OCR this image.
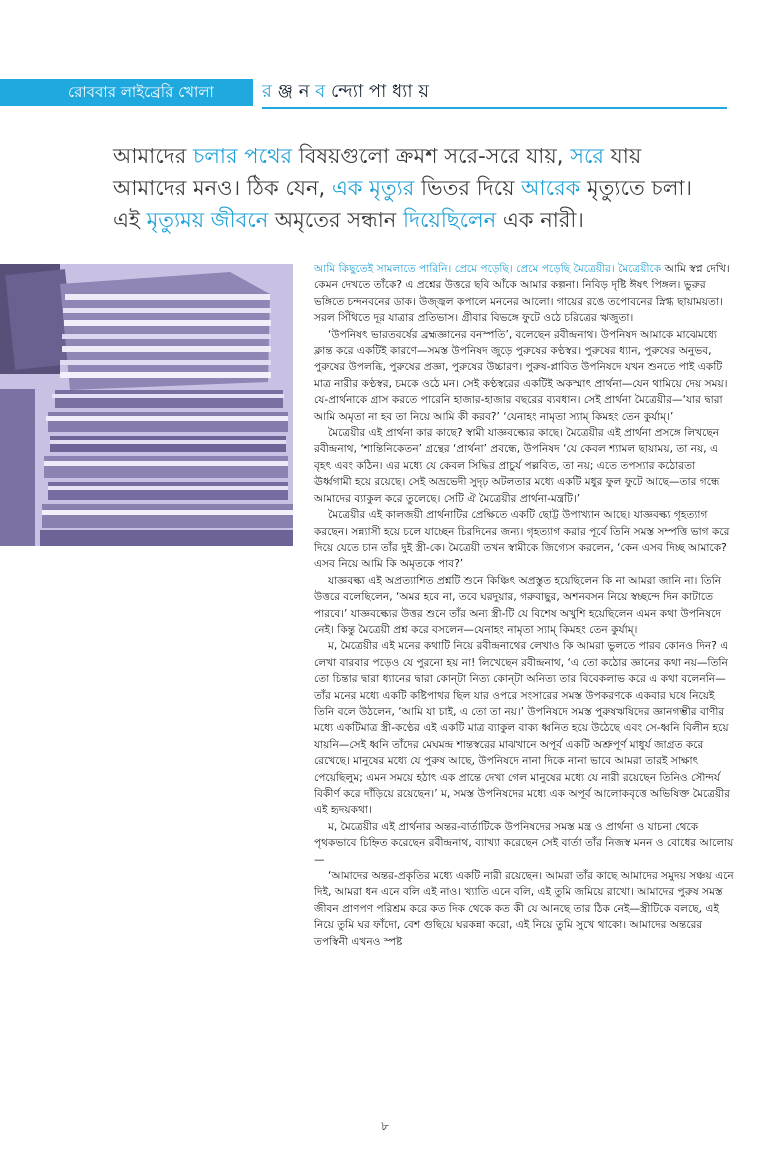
রোববার লাইব্রেরি খোলা	র ঞ্জ ন ব ন্দ্যো পা ধ্যা য়
আমাদের চলার পথের বিষয়গুলো ক্রমশ সরে-সরে যায়, সরে যায় আমাদের মনও। ঠিক যেন, এক মৃত্যুর ভিতর দিয়ে আরেক মৃত্যুতে চলা। এই মৃত্যুময় জীবনে অমৃতের সন্ধান দিয়েছিলেন এক নারী।

আমি কিছুতেই সামলাতে পারিনি। প্রেমে পড়েছি। প্রেমে পড়েছি মৈত্রেয়ীর। মৈত্রেয়ীকে আমি স্বপ্ন দেখি। কেমন দেখতে তাঁকে? এ প্রশ্নের উত্তরে ছবি আঁকে আমার কল্পনা। নিবিড় দৃষ্টি ঈষৎ পিঙ্গল। ভুরুর ভঙ্গিতে চন্দনবনের ডাক। উজ্জ্বল কপালে মননের আলো। গায়ের রঙে তপোবনের স্নিগ্ধ ছায়াময়তা। সরল সিঁথিতে দূর যাত্রার প্রতিভাস। গ্রীবার বিভঙ্গে ফুটে ওঠে চরিত্রের ঋজুতা।

‘উপনিষৎ ভারতবর্ষের ব্রহ্মজ্ঞানের বনস্পতি’, বলেছেন রবীন্দ্রনাথ। উপনিষদ আমাকে মাঝেমধ্যে ক্লান্ত করে একটিই কারণে—সমস্ত উপনিষদ জুড়ে পুরুষের কণ্ঠস্বর। পুরুষের ধ্যান, পুরুষের অনুভব, পুরুষের উপলব্ধি, পুরুষের প্রজ্ঞা, পুরুষের উচ্চারণ। পুরুষ-প্লাবিত উপনিষদে যখন শুনতে পাই একটি মাত্র নারীর কণ্ঠস্বর, চমকে ওঠে মন। সেই কণ্ঠস্বরের একটিই অকস্মাৎ প্রার্থনা—যেন থামিয়ে দেয় সময়। যে-প্রার্থনাকে গ্রাস করতে পারেনি হাজার-হাজার বছরের ব্যবধান। সেই প্রার্থনা মৈত্রেয়ীর—‘যার দ্বারা আমি অমৃতা না হব তা নিয়ে আমি কী করব?’ ‘যেনাহং নামৃতা স্যাম্‌ কিমহং তেন কুর্যাম্‌।’

মৈত্রেয়ীর এই প্রার্থনা কার কাছে? স্বামী যাজ্ঞবল্ক্যের কাছে। মৈত্রেয়ীর এই প্রার্থনা প্রসঙ্গে লিখছেন রবীন্দ্রনাথ, ‘শান্তিনিকেতন’ গ্রন্থের ‘প্রার্থনা’ প্রবন্ধে, উপনিষদ ‘যে কেবল শ্যামল ছায়াময়, তা নয়, এ বৃহৎ এবং কঠিন। এর মধ্যে যে কেবল সিদ্ধির প্রাচুর্য পল্লবিত, তা নয়; এতে তপস্যার কঠোরতা ঊর্ধ্বগামী হয়ে রয়েছে। সেই অভ্রভেদী সুদৃঢ় অটলতার মধ্যে একটি মধুর ফুল ফুটে আছে—তার গন্ধে আমাদের ব্যাকুল করে তুলেছে। সেটি ঐ মৈত্রেয়ীর প্রার্থনা-মন্ত্রটি।’

মৈত্রেয়ীর এই কালজয়ী প্রার্থনাটির প্রেক্ষিতে একটি ছোট্ট উপাখ্যান আছে। যাজ্ঞবল্ক্য গৃহত্যাগ করছেন। সন্ন্যাসী হয়ে চলে যাচ্ছেন চিরদিনের জন্য। গৃহত্যাগ করার পূর্বে তিনি সমস্ত সম্পত্তি ভাগ করে দিয়ে যেতে চান তাঁর দুই স্ত্রী-কে। মৈত্রেয়ী তখন স্বামীকে জিগ্যেস করলেন, ‘কেন এসব দিচ্ছ আমাকে? এসব নিয়ে আমি কি অমৃতকে পাব?’

যাজ্ঞবল্ক্য এই অপ্রত্যাশিত প্রশ্নটি শুনে কিঞ্চিৎ অপ্রস্তুত হয়েছিলেন কি না আমরা জানি না। তিনি উত্তরে বলেছিলেন, ‘অমর হবে না, তবে ঘরদুয়ার, গরুবাছুর, অশনবসন নিয়ে স্বচ্ছন্দে দিন কাটাতে পারবে।’ যাজ্ঞবল্ক্যের উত্তর শুনে তাঁর অন্য স্ত্রী-টি যে বিশেষ অখুশি হয়েছিলেন এমন কথা উপনিষদে নেই। কিন্তু মৈত্রেয়ী প্রশ্ন করে বসলেন—যেনাহং নামৃতা স্যাম্‌ কিমহং তেন কুর্যাম্‌।

ম, মৈত্রেয়ীর এই মনের কথাটি নিয়ে রবীন্দ্রনাথের লেখাও কি আমরা ভুলতে পারব কোনও দিন? এ লেখা বারবার পড়েও যে পুরনো হয় না! লিখেছেন রবীন্দ্রনাথ, ‘এ তো কঠোর জ্ঞানের কথা নয়—তিনি তো চিন্তার দ্বারা ধ্যানের দ্বারা কোন্‌টা নিত্য কোন্‌টা অনিত্য তার বিবেকলাভ করে এ কথা বলেননি—তাঁর মনের মধ্যে একটি কষ্টিপাথর ছিল যার ওপরে সংসারের সমস্ত উপকরণকে একবার ঘষে নিয়েই তিনি বলে উঠলেন, ‘আমি যা চাই, এ তো তা নয়।’ উপনিষদে সমস্ত পুরুষঋষিদের জ্ঞানগম্ভীর বাণীর মধ্যে একটিমাত্র স্ত্রী-কণ্ঠের এই একটি মাত্র ব্যাকুল বাক্য ধ্বনিত হয়ে উঠেছে এবং সে-ধ্বনি বিলীন হয়ে যায়নি—সেই ধ্বনি তাঁদের মেঘমন্দ্র শান্তস্বরের মাঝখানে অপূর্ব একটি অশ্রুপূর্ণ মাধুর্য জাগ্রত করে রেখেছে। মানুষের মধ্যে যে পুরুষ আছে, উপনিষদে নানা দিকে নানা ভাবে আমরা তারই সাক্ষাৎ পেয়েছিলুম; এমন সময়ে হঠাৎ এক প্রান্তে দেখা গেল মানুষের মধ্যে যে নারী রয়েছেন তিনিও সৌন্দর্য বিকীর্ণ করে দাঁড়িয়ে রয়েছেন।’ ম, সমস্ত উপনিষদের মধ্যে এক অপূর্ব আলোকবৃত্তে অভিষিক্ত মৈত্রেয়ীর এই হৃদয়কথা।

ম, মৈত্রেয়ীর এই প্রার্থনার অন্তর-বার্তাটিকে উপনিষদের সমস্ত মন্ত্র ও প্রার্থনা ও যাচনা থেকে পৃথকভাবে চিহ্নিত করেছেন রবীন্দ্রনাথ, ব্যাখ্যা করেছেন সেই বার্তা তাঁর নিজস্ব মনন ও বোধের আলোয়—

‘আমাদের অন্তর-প্রকৃতির মধ্যে একটি নারী রয়েছেন। আমরা তাঁর কাছে আমাদের সমুদয় সঞ্চয় এনে দিই, আমরা ধন এনে বলি এই নাও। খ্যাতি এনে বলি, এই তুমি জমিয়ে রাখো। আমাদের পুরুষ সমস্ত জীবন প্রাণপণ পরিশ্রম করে কত দিক থেকে কত কী যে আনছে তার ঠিক নেই—স্ত্রীটিকে বলছে, এই নিয়ে তুমি ঘর ফাঁদো, বেশ গুছিয়ে ঘরকন্না করো, এই নিয়ে তুমি সুখে থাকো। আমাদের অন্তরের তপস্বিনী এখনও স্পষ্ট

৮
